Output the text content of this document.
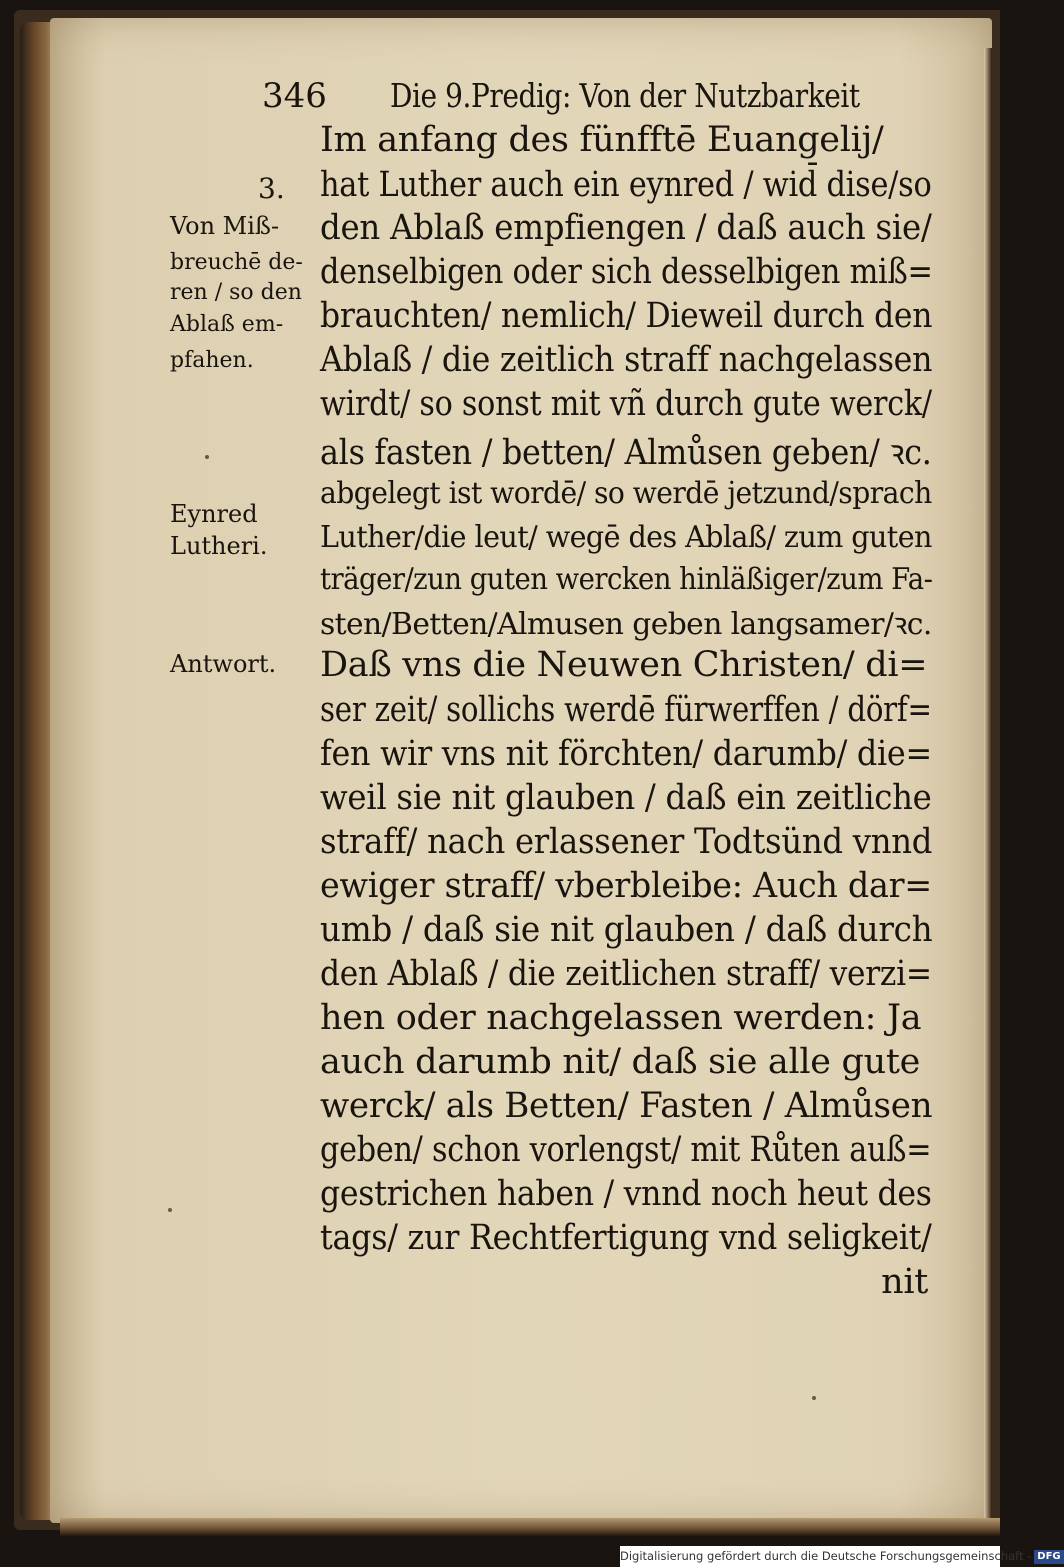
346 Die 9.Predig: Von der Nutzbarkeit
3.
Von Miß-
breuchē de-
ren / so den
Ablaß em-
pfahen.
Eynred
Lutheri.
Antwort.
Im anfang des fünfftē Euangelij/
hat Luther auch ein eynred / wid̄ dise/so
den Ablaß empfiengen / daß auch sie/
denselbigen oder sich desselbigen miß=
brauchten/ nemlich/ Dieweil durch den
Ablaß / die zeitlich straff nachgelassen
wirdt/ so sonst mit vñ durch gute werck/
als fasten / betten/ Almůsen geben/ ꝛc.
abgelegt ist wordē/ so werdē jetzund/sprach
Luther/die leut/ wegē des Ablaß/ zum guten
träger/zun guten wercken hinläßiger/zum Fa-
sten/Betten/Almusen geben langsamer/ꝛc.
Daß vns die Neuwen Christen/ di=
ser zeit/ sollichs werdē fürwerffen / dörf=
fen wir vns nit förchten/ darumb/ die=
weil sie nit glauben / daß ein zeitliche
straff/ nach erlassener Todtsünd vnnd
ewiger straff/ vberbleibe: Auch dar=
umb / daß sie nit glauben / daß durch
den Ablaß / die zeitlichen straff/ verzi=
hen oder nachgelassen werden: Ja
auch darumb nit/ daß sie alle gute
werck/ als Betten/ Fasten / Almůsen
geben/ schon vorlengst/ mit Růten auß=
gestrichen haben / vnnd noch heut des
tags/ zur Rechtfertigung vnd seligkeit/
nit
Digitalisierung gefördert durch die Deutsche Forschungsgemeinschaft - DFG
